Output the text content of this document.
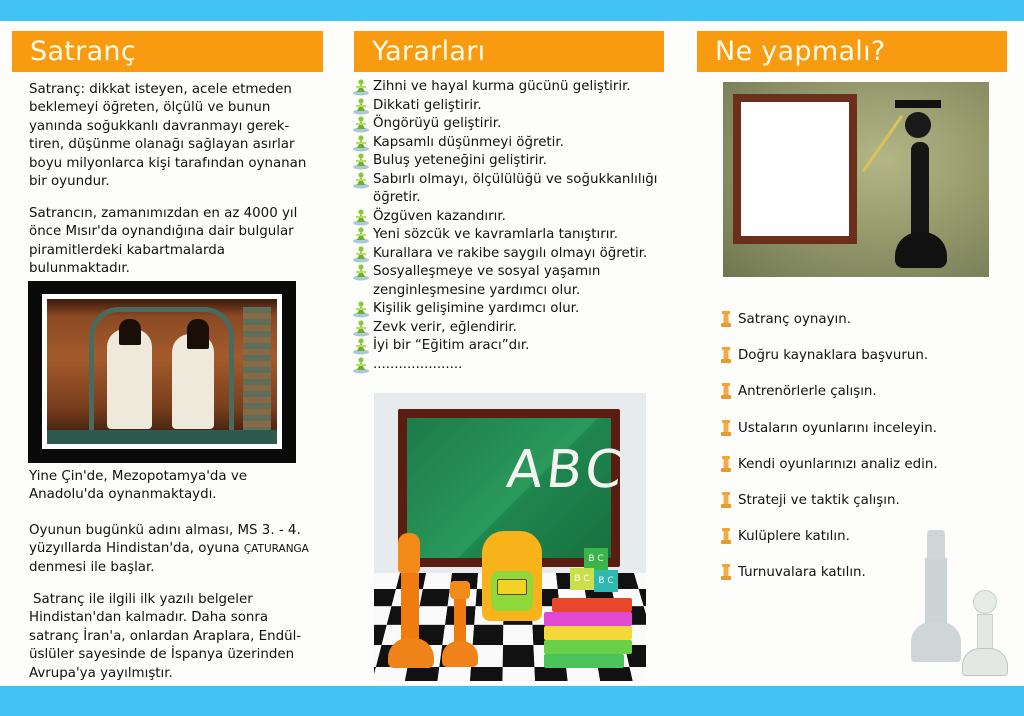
Satranç

Satranç: dikkat isteyen, acele etmeden beklemeyi öğreten, ölçülü ve bunun yanında soğukkanlı davranmayı gerek-tiren, düşünme olanağı sağlayan asırlar boyu milyonlarca kişi tarafından oynanan bir oyundur.

Satrancın, zamanımızdan en az 4000 yıl önce Mısır'da oynandığına dair bulgular piramitlerdeki kabartmalarda bulunmaktadır.

Yine Çin'de, Mezopotamya'da ve Anadolu'da oynanmaktaydı.

Oyunun bugünkü adını alması, MS 3. - 4. yüzyıllarda Hindistan'da, oyuna ÇATURANGA denmesi ile başlar.

Satranç ile ilgili ilk yazılı belgeler Hindistan'dan kalmadır. Daha sonra satranç İran'a, onlardan Araplara, Endül-üslüler sayesinde de İspanya üzerinden Avrupa'ya yayılmıştır.

Yararları
Zihni ve hayal kurma gücünü geliştirir.
Dikkati geliştirir.
Öngörüyü geliştirir.
Kapsamlı düşünmeyi öğretir.
Buluş yeteneğini geliştirir.
Sabırlı olmayı, ölçülülüğü ve soğukkanlılığı öğretir.
Özgüven kazandırır.
Yeni sözcük ve kavramlarla tanıştırır.
Kurallara ve rakibe saygılı olmayı öğretir.
Sosyalleşmeye ve sosyal yaşamın zenginleşmesine yardımcı olur.
Kişilik gelişimine yardımcı olur.
Zevk verir, eğlendirir.
İyi bir “Eğitim aracı”dır.
.....................
ABC
B C
B C B C
Ne yapmalı?
Satranç oynayın.
Doğru kaynaklara başvurun.
Antrenörlerle çalışın.
Ustaların oyunlarını inceleyin.
Kendi oyunlarınızı analiz edin.
Strateji ve taktik çalışın.
Kulüplere katılın.
Turnuvalara katılın.
